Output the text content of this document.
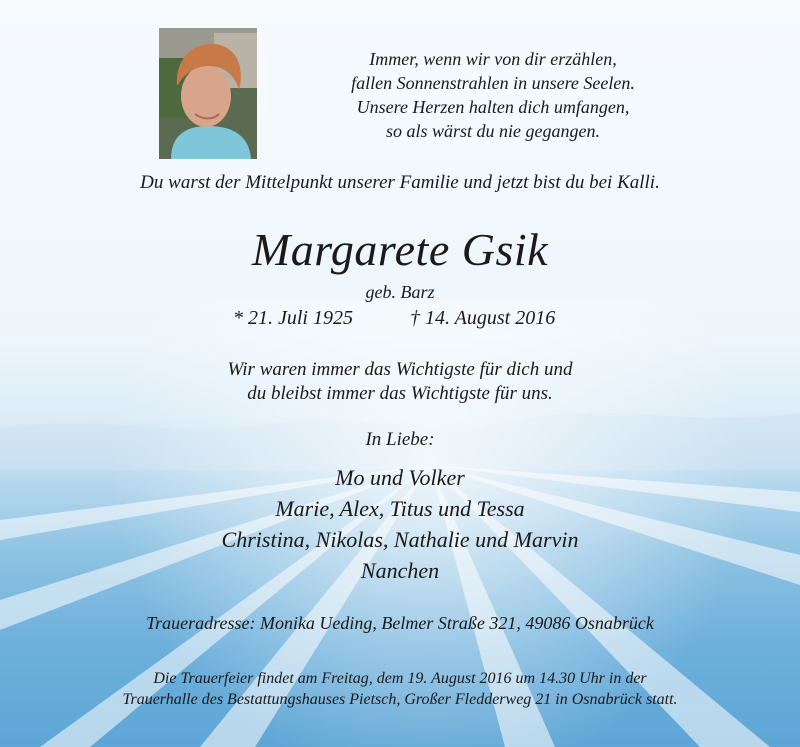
Immer, wenn wir von dir erzählen,
fallen Sonnenstrahlen in unsere Seelen.
Unsere Herzen halten dich umfangen,
so als wärst du nie gegangen.

Du warst der Mittelpunkt unserer Familie und jetzt bist du bei Kalli.

Margarete Gsik

geb. Barz

* 21. Juli 1925	† 14. August 2016
Wir waren immer das Wichtigste für dich und
du bleibst immer das Wichtigste für uns.

In Liebe:

Mo und Volker
Marie, Alex, Titus und Tessa
Christina, Nikolas, Nathalie und Marvin
Nanchen

Traueradresse: Monika Ueding, Belmer Straße 321, 49086 Osnabrück

Die Trauerfeier findet am Freitag, dem 19. August 2016 um 14.30 Uhr in der
Trauerhalle des Bestattungshauses Pietsch, Großer Fledderweg 21 in Osnabrück statt.
